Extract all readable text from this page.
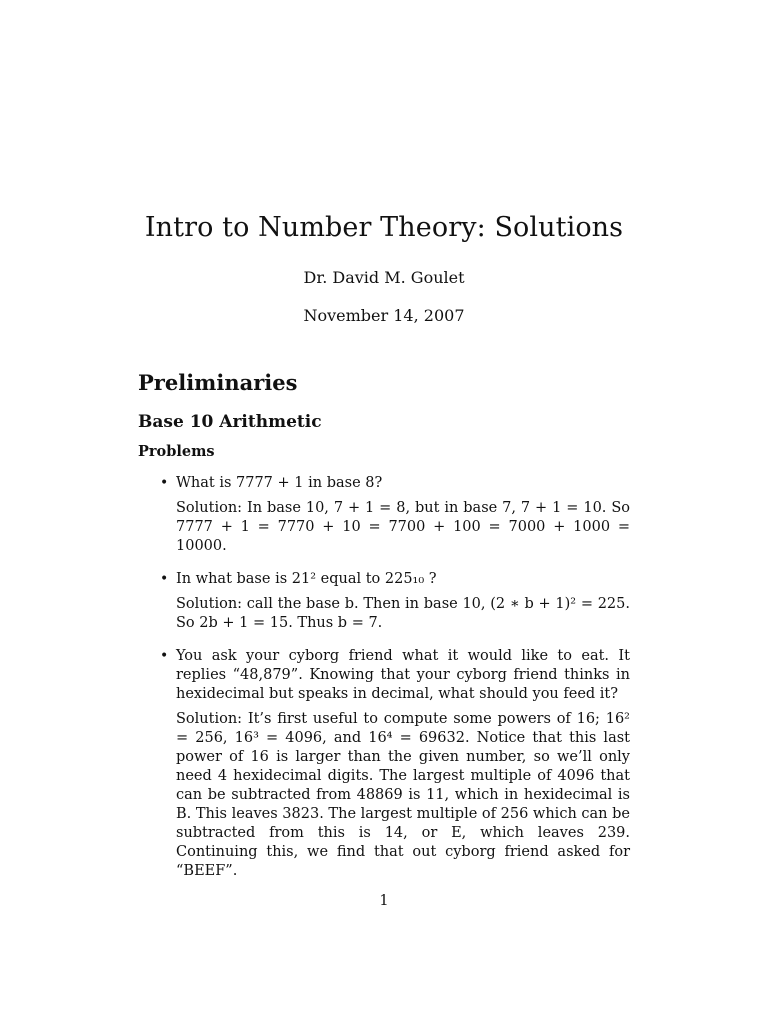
Intro to Number Theory: Solutions
Dr. David M. Goulet
November 14, 2007
Preliminaries
Base 10 Arithmetic
Problems
• What is 7777 + 1 in base 8?

Solution: In base 10, 7 + 1 = 8, but in base 7, 7 + 1 = 10. So 7777 + 1 = 7770 + 10 = 7700 + 100 = 7000 + 1000 = 10000.

• In what base is 21² equal to 225₁₀ ?

Solution: call the base b. Then in base 10, (2 ∗ b + 1)² = 225. So 2b + 1 = 15. Thus b = 7.

• You ask your cyborg friend what it would like to eat. It replies “48,879”. Knowing that your cyborg friend thinks in hexidecimal but speaks in decimal, what should you feed it?

Solution: It’s first useful to compute some powers of 16; 16² = 256, 16³ = 4096, and 16⁴ = 69632. Notice that this last power of 16 is larger than the given number, so we’ll only need 4 hexidecimal digits. The largest multiple of 4096 that can be subtracted from 48869 is 11, which in hexidecimal is B. This leaves 3823. The largest multiple of 256 which can be subtracted from this is 14, or E, which leaves 239. Continuing this, we find that out cyborg friend asked for “BEEF”.

1
